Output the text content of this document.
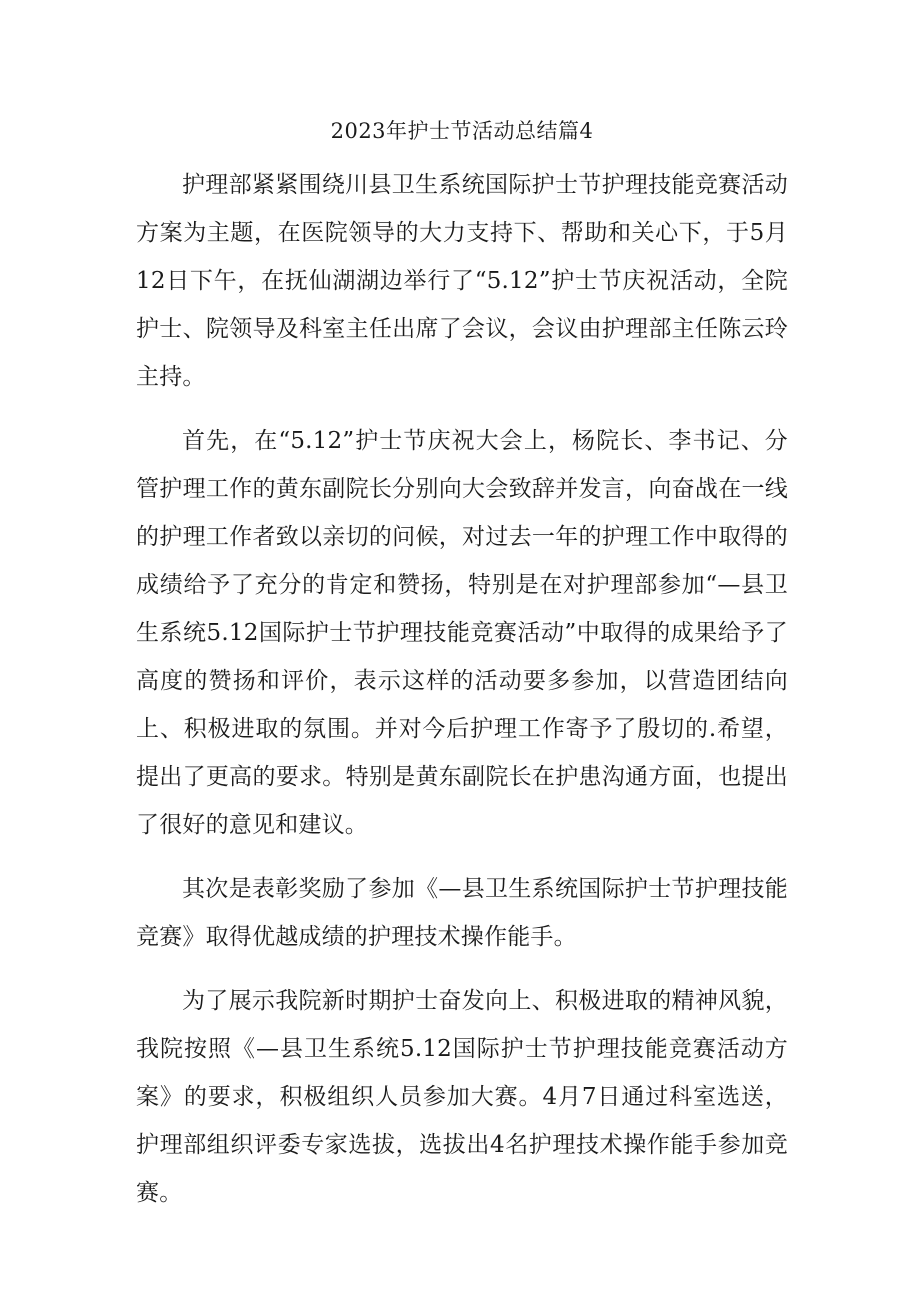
2023年护士节活动总结篇4

护理部紧紧围绕川县卫生系统国际护士节护理技能竞赛活动方案为主题，在医院领导的大力支持下、帮助和关心下，于5月12日下午，在抚仙湖湖边举行了“5.12”护士节庆祝活动，全院护士、院领导及科室主任出席了会议，会议由护理部主任陈云玲主持。

首先，在“5.12”护士节庆祝大会上，杨院长、李书记、分管护理工作的黄东副院长分别向大会致辞并发言，向奋战在一线的护理工作者致以亲切的问候，对过去一年的护理工作中取得的成绩给予了充分的肯定和赞扬，特别是在对护理部参加“—县卫生系统5.12国际护士节护理技能竞赛活动”中取得的成果给予了高度的赞扬和评价，表示这样的活动要多参加，以营造团结向上、积极进取的氛围。并对今后护理工作寄予了殷切的.希望，提出了更高的要求。特别是黄东副院长在护患沟通方面，也提出了很好的意见和建议。

其次是表彰奖励了参加《—县卫生系统国际护士节护理技能竞赛》取得优越成绩的护理技术操作能手。

为了展示我院新时期护士奋发向上、积极进取的精神风貌，我院按照《—县卫生系统5.12国际护士节护理技能竞赛活动方案》的要求，积极组织人员参加大赛。4月7日通过科室选送，护理部组织评委专家选拔，选拔出4名护理技术操作能手参加竞赛。
